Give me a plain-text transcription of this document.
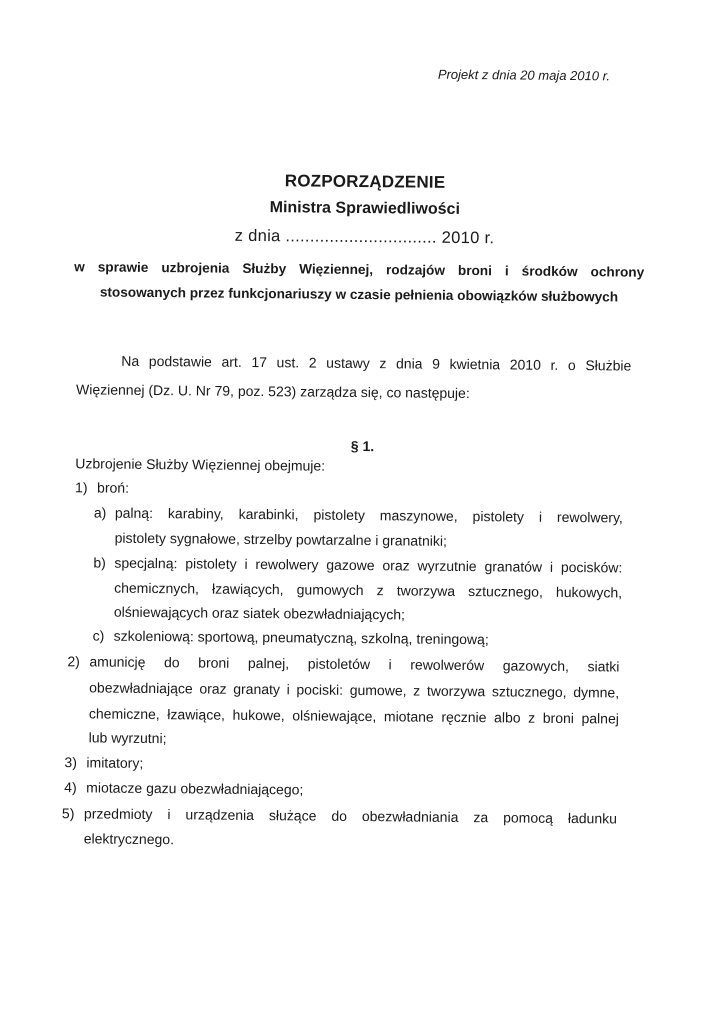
Projekt z dnia 20 maja 2010 r.
ROZPORZĄDZENIE
Ministra Sprawiedliwości
z dnia ............................... 2010 r.
w sprawie uzbrojenia Służby Więziennej, rodzajów broni i środków ochrony
stosowanych przez funkcjonariuszy w czasie pełnienia obowiązków służbowych
Na podstawie art. 17 ust. 2 ustawy z dnia 9 kwietnia 2010 r. o Służbie
Więziennej (Dz. U. Nr 79, poz. 523) zarządza się, co następuje:
§ 1.
Uzbrojenie Służby Więziennej obejmuje:
1) broń:
a) palną: karabiny, karabinki, pistolety maszynowe, pistolety i rewolwery,
pistolety sygnałowe, strzelby powtarzalne i granatniki;
b) specjalną: pistolety i rewolwery gazowe oraz wyrzutnie granatów i pocisków:
chemicznych, łzawiących, gumowych z tworzywa sztucznego, hukowych,
olśniewających oraz siatek obezwładniających;
c) szkoleniową: sportową, pneumatyczną, szkolną, treningową;
2) amunicję do broni palnej, pistoletów i rewolwerów gazowych, siatki
obezwładniające oraz granaty i pociski: gumowe, z tworzywa sztucznego, dymne,
chemiczne, łzawiące, hukowe, olśniewające, miotane ręcznie albo z broni palnej
lub wyrzutni;
3) imitatory;
4) miotacze gazu obezwładniającego;
5) przedmioty i urządzenia służące do obezwładniania za pomocą ładunku
elektrycznego.
